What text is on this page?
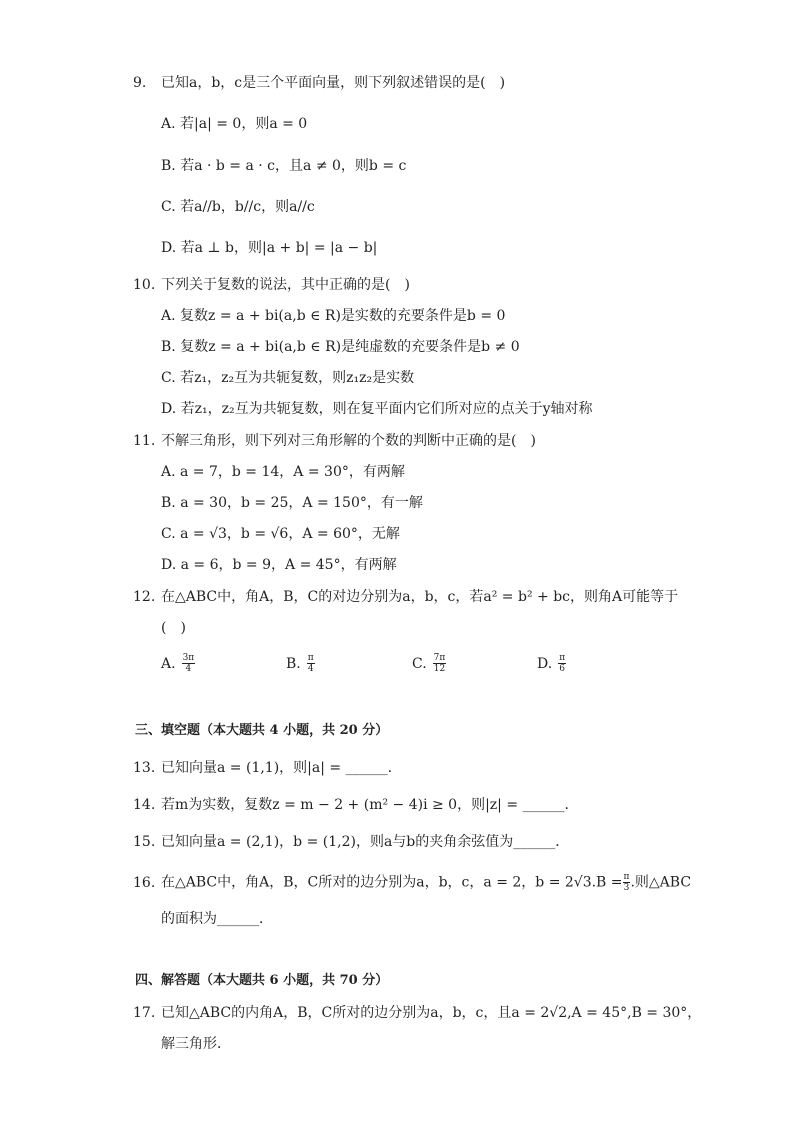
9. 已知a，b，c是三个平面向量，则下列叙述错误的是(　)
A. 若|a| = 0，则a = 0
B. 若a · b = a · c，且a ≠ 0，则b = c
C. 若a//b，b//c，则a//c
D. 若a ⊥ b，则|a + b| = |a − b|
10. 下列关于复数的说法，其中正确的是(　)
A. 复数z = a + bi(a,b ∈ R)是实数的充要条件是b = 0
B. 复数z = a + bi(a,b ∈ R)是纯虚数的充要条件是b ≠ 0
C. 若z₁，z₂互为共轭复数，则z₁z₂是实数
D. 若z₁，z₂互为共轭复数，则在复平面内它们所对应的点关于y轴对称
11. 不解三角形，则下列对三角形解的个数的判断中正确的是(　)
A. a = 7，b = 14，A = 30°，有两解
B. a = 30，b = 25，A = 150°，有一解
C. a = √3，b = √6，A = 60°，无解
D. a = 6，b = 9，A = 45°，有两解
12. 在△ABC中，角A，B，C的对边分别为a，b，c，若a² = b² + bc，则角A可能等于
(　)
A. $\frac{3\pi}{4}$	B. $\frac{\pi}{4}$	C. $\frac{7\pi}{12}$	D. $\frac{\pi}{6}$
三、填空题（本大题共 4 小题，共 20 分）
13. 已知向量a = (1,1)，则|a| = ______．
14. 若m为实数，复数z = m − 2 + (m² − 4)i ≥ 0，则|z| = ______．
15. 已知向量a = (2,1)，b = (1,2)，则a与b的夹角余弦值为______．
16. 在△ABC中，角A，B，C所对的边分别为a，b，c，a = 2，$b = 2√3.B = \frac{\pi}{3}$ .则△ABC
的面积为______．
四、解答题（本大题共 6 小题，共 70 分）
17. 已知△ABC的内角A，B，C所对的边分别为a，b，c，且a = 2√2,A = 45°,B = 30°，
解三角形．
